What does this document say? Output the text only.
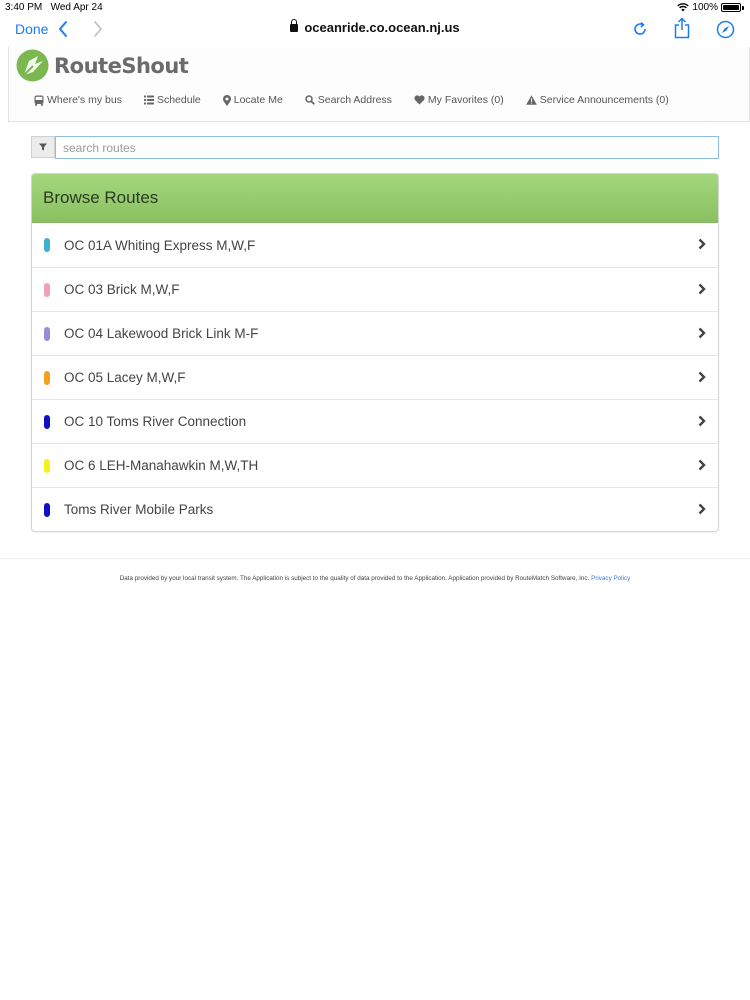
3:40 PM Wed Apr 24	100%
Done	oceanride.co.ocean.nj.us
RouteShout
Where's my bus	Schedule	Locate Me	Search Address	My Favorites (0)	Service Announcements (0)
search routes
Browse Routes
OC 01A Whiting Express M,W,F
OC 03 Brick M,W,F
OC 04 Lakewood Brick Link M-F
OC 05 Lacey M,W,F
OC 10 Toms River Connection
OC 6 LEH-Manahawkin M,W,TH
Toms River Mobile Parks
Data provided by your local transit system. The Application is subject to the quality of data provided to the Application. Application provided by RouteMatch Software, Inc. Privacy Policy
